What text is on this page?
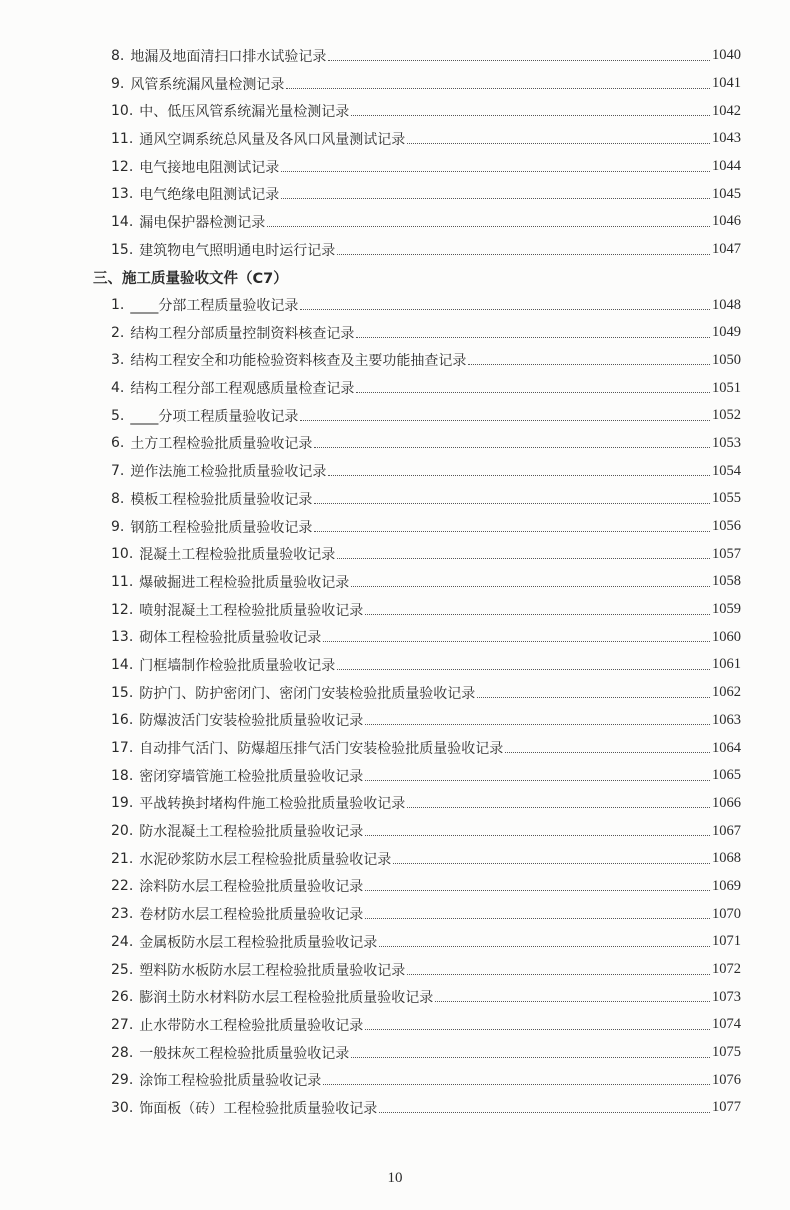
8. 地漏及地面清扫口排水试验记录	1040
9. 风管系统漏风量检测记录	1041
10. 中、低压风管系统漏光量检测记录	1042
11. 通风空调系统总风量及各风口风量测试记录	1043
12. 电气接地电阻测试记录	1044
13. 电气绝缘电阻测试记录	1045
14. 漏电保护器检测记录	1046
15. 建筑物电气照明通电时运行记录	1047
三、施工质量验收文件（C7）
1. ____分部工程质量验收记录	1048
2. 结构工程分部质量控制资料核查记录	1049
3. 结构工程安全和功能检验资料核查及主要功能抽查记录	1050
4. 结构工程分部工程观感质量检查记录	1051
5. ____分项工程质量验收记录	1052
6. 土方工程检验批质量验收记录	1053
7. 逆作法施工检验批质量验收记录	1054
8. 模板工程检验批质量验收记录	1055
9. 钢筋工程检验批质量验收记录	1056
10. 混凝土工程检验批质量验收记录	1057
11. 爆破掘进工程检验批质量验收记录	1058
12. 喷射混凝土工程检验批质量验收记录	1059
13. 砌体工程检验批质量验收记录	1060
14. 门框墙制作检验批质量验收记录	1061
15. 防护门、防护密闭门、密闭门安装检验批质量验收记录	1062
16. 防爆波活门安装检验批质量验收记录	1063
17. 自动排气活门、防爆超压排气活门安装检验批质量验收记录	1064
18. 密闭穿墙管施工检验批质量验收记录	1065
19. 平战转换封堵构件施工检验批质量验收记录	1066
20. 防水混凝土工程检验批质量验收记录	1067
21. 水泥砂浆防水层工程检验批质量验收记录	1068
22. 涂料防水层工程检验批质量验收记录	1069
23. 卷材防水层工程检验批质量验收记录	1070
24. 金属板防水层工程检验批质量验收记录	1071
25. 塑料防水板防水层工程检验批质量验收记录	1072
26. 膨润土防水材料防水层工程检验批质量验收记录	1073
27. 止水带防水工程检验批质量验收记录	1074
28. 一般抹灰工程检验批质量验收记录	1075
29. 涂饰工程检验批质量验收记录	1076
30. 饰面板（砖）工程检验批质量验收记录	1077
10
